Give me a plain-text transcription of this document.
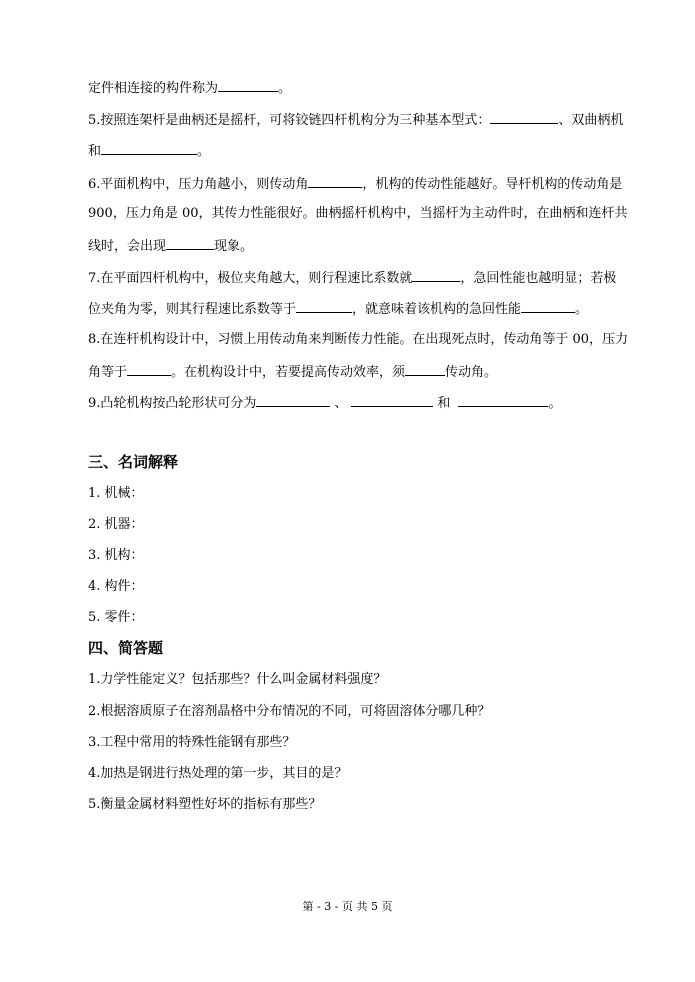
定件相连接的构件称为	。
5.按照连架杆是曲柄还是摇杆，可将铰链四杆机构分为三种基本型式：	、双曲柄机
和	。
6.平面机构中，压力角越小，则传动角	，机构的传动性能越好。导杆机构的传动角是
900，压力角是 00，其传力性能很好。曲柄摇杆机构中，当摇杆为主动件时，在曲柄和连杆共
线时，会出现	现象。
7.在平面四杆机构中，极位夹角越大，则行程速比系数就	，急回性能也越明显；若极
位夹角为零，则其行程速比系数等于	，就意味着该机构的急回性能	。
8.在连杆机构设计中，习惯上用传动角来判断传力性能。在出现死点时，传动角等于 00，压力
角等于	。在机构设计中，若要提高传动效率，须	传动角。
9.凸轮机构按凸轮形状可分为	、	和	。
三、名词解释
1. 机械：
2. 机器：
3. 机构：
4. 构件：
5. 零件：
四、简答题
1.力学性能定义？包括那些？什么叫金属材料强度？
2.根据溶质原子在溶剂晶格中分布情况的不同，可将固溶体分哪几种？
3.工程中常用的特殊性能钢有那些？
4.加热是钢进行热处理的第一步，其目的是？
5.衡量金属材料塑性好坏的指标有那些？
第 - 3 - 页 共 5 页
